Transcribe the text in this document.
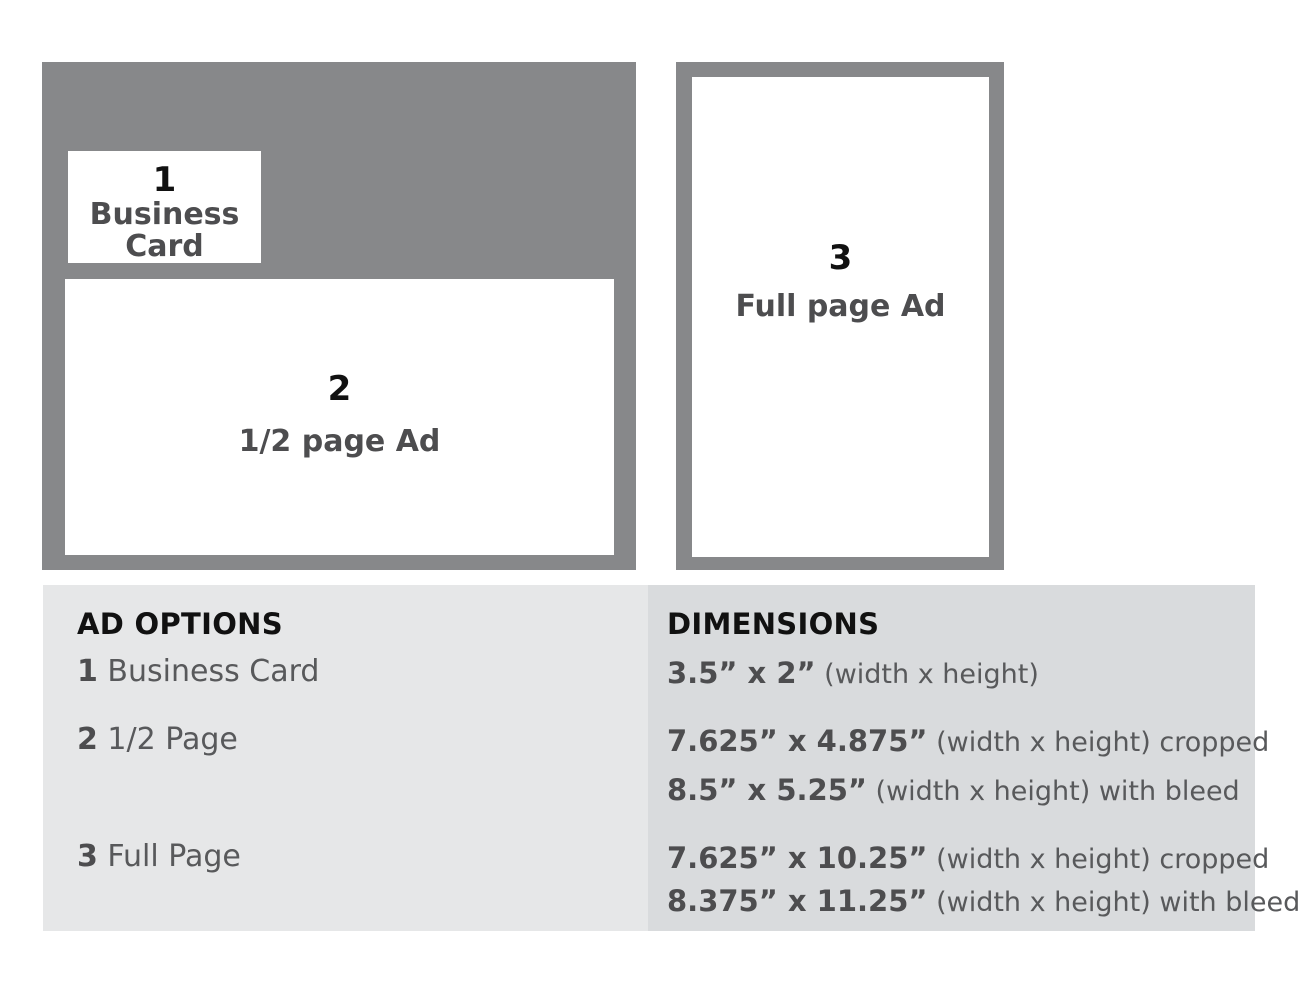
1
Business
Card
2
1/2 page Ad
3
Full page Ad
AD OPTIONS	DIMENSIONS
1 Business Card	3.5” x 2” (width x height)
2 1/2 Page	7.625” x 4.875” (width x height) cropped
8.5” x 5.25” (width x height) with bleed
3 Full Page	7.625” x 10.25” (width x height) cropped
8.375” x 11.25” (width x height) with bleed
